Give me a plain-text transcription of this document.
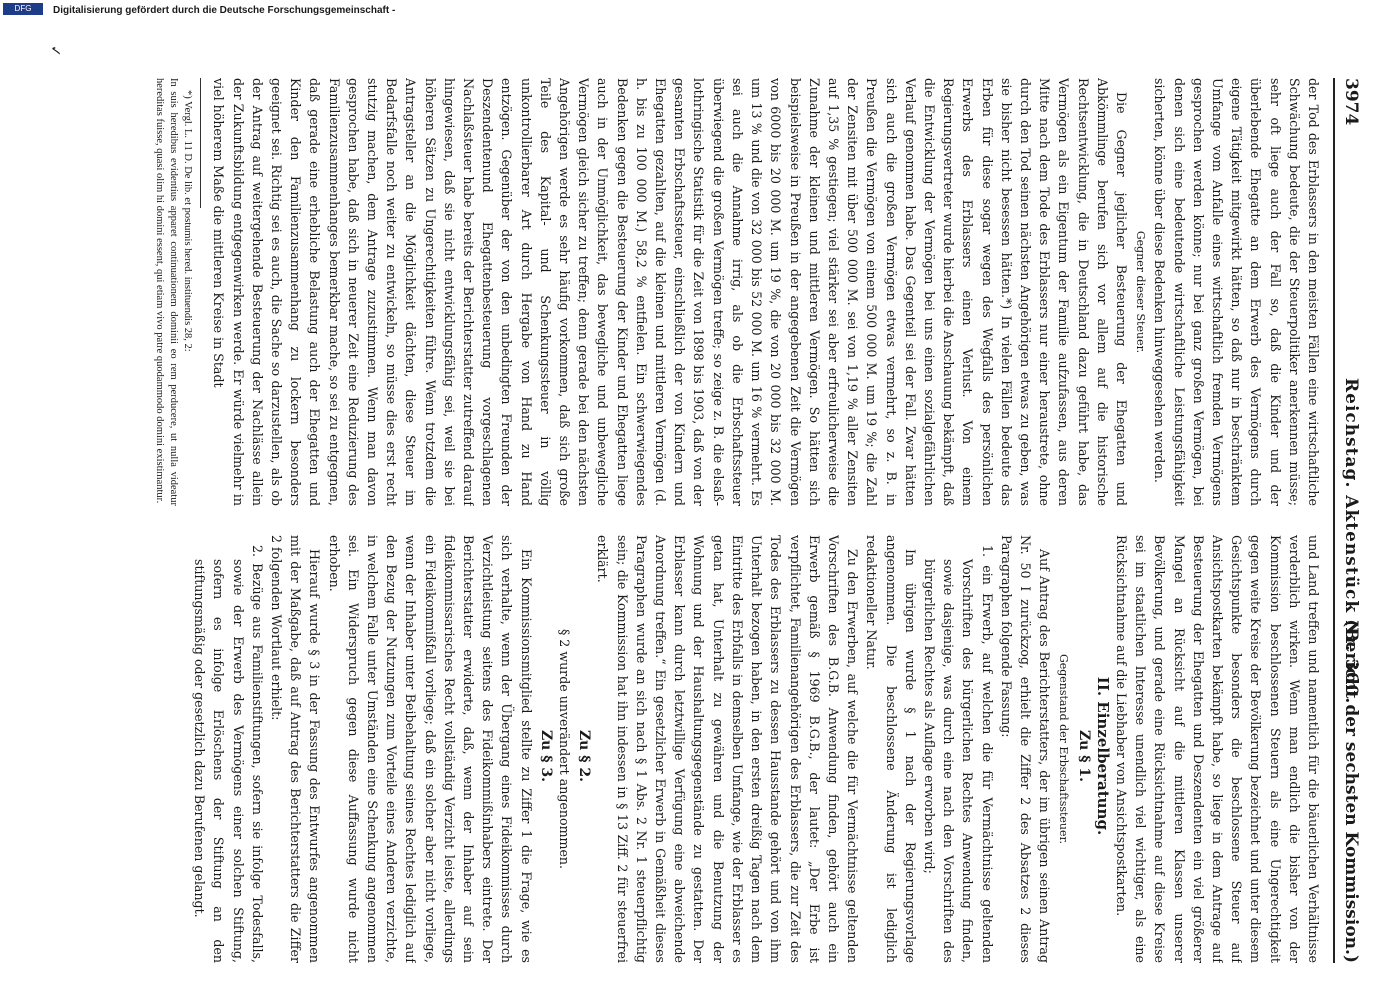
3974
Reichstag. Aktenstück Nr. 360.
(Bericht der sechsten Kommission.)

der Tod des Erblassers in den meisten Fällen eine wirtschaftliche Schwächung bedeute, die der Steuerpolitiker anerkennen müsse; sehr oft liege auch der Fall so, daß die Kinder und der überlebende Ehegatte an dem Erwerb des Vermögens durch eigene Tätigkeit mitgewirkt hätten, so daß nur in beschränktem Umfange vom Anfalle eines wirtschaftlich fremden Vermögens gesprochen werden könne; nur bei ganz großen Vermögen, bei denen sich eine bedeutende wirtschaftliche Leistungsfähigkeit sicherten, könne über diese Bedenken hinweggesehen werden.

Gegner dieser Steuer.

Die Gegner jeglicher Besteuerung der Ehegatten und Abkömmlinge berufen sich vor allem auf die historische Rechtsentwicklung, die in Deutschland dazu geführt habe, das Vermögen als ein Eigentum der Familie aufzufassen, aus deren Mitte nach dem Tode des Erblassers nur einer heraustrete, ohne durch den Tod seinen nächsten Angehörigen etwas zu geben, was sie bisher nicht besessen hätten.*) In vielen Fällen bedeute das Erben für diese sogar wegen des Wegfalls des persönlichen Erwerbs des Erblassers einen Verlust. Von einem Regierungsvertreter wurde hierbei die Anschauung bekämpft, daß die Entwicklung der Vermögen bei uns einen sozialgefährlichen Verlauf genommen habe. Das Gegenteil sei der Fall. Zwar hätten sich auch die großen Vermögen etwas vermehrt, so z. B. in Preußen die Vermögen von einem 500 000 M. um 19 %; die Zahl der Zensiten mit über 500 000 M. sei von 1,19 % aller Zensiten auf 1,35 % gestiegen; viel stärker sei aber erfreulicherweise die Zunahme der kleinen und mittleren Vermögen. So hätten sich beispielsweise in Preußen in der angegebenen Zeit die Vermögen von 6000 bis 20 000 M. um 19 %, die von 20 000 bis 32 000 M. um 13 % und die von 32 000 bis 52 000 M. um 16 % vermehrt. Es sei auch die Annahme irrig, als ob die Erbschaftssteuer überwiegend die großen Vermögen treffe; so zeige z. B. die elsaß-lothringische Statistik für die Zeit von 1898 bis 1903, daß von der gesamten Erbschaftssteuer, einschließlich der von Kindern und Ehegatten gezahlten, auf die kleinen und mittleren Vermögen (d. h. bis zu 100 000 M.) 58,2 % entfielen. Ein schwerwiegendes Bedenken gegen die Besteuerung der Kinder und Ehegatten liege auch in der Unmöglichkeit, das bewegliche und unbewegliche Vermögen gleich sicher zu treffen; denn gerade bei den nächsten Angehörigen werde es sehr häufig vorkommen, daß sich große Teile des Kapital- und Schenkungssteuer in völlig unkontrollierbarer Art durch Hergabe von Hand zu Hand entzögen. Gegenüber der von den unbedingten Freunden der Deszendentenund Ehegattenbesteuerung vorgeschlagenen Nachlaßsteuer habe bereits der Berichterstatter zutreffend darauf hingewiesen, daß sie nicht entwicklungsfähig sei, weil sie bei höheren Sätzen zu Ungerechtigkeiten führe. Wenn trotzdem die Antragsteller an die Möglichkeit dächten, diese Steuer im Bedarfsfalle noch weiter zu entwickeln, so müsse dies erst recht stutzig machen, dem Antrage zuzustimmen. Wenn man davon gesprochen habe, daß sich in neuerer Zeit eine Reduzierung des Familienzusammenhanges bemerkbar mache, so sei zu entgegnen, daß gerade eine erhebliche Belastung auch der Ehegatten und Kinder den Familienzusammenhang zu lockern besonders geeignet sei. Richtig sei es auch, die Sache so darzustellen, als ob der Antrag auf weitergehende Besteuerung der Nachlässe allein der Zukunftsbildung entgegenwirken werde. Er würde vielmehr in viel höherem Maße die mittleren Kreise in Stadt

*) Vergl. L. 11 D. De lib. et postumis hered. instituendis 28, 2:

In suis heredibus evidentius apparet continuationem dominii eo rem perducere, ut nulla videatur hereditas fuisse, quasi olim hi domini essent, qui etiam vivo patre quodammodo domini existimantur.

und Land treffen und namentlich für die bäuerlichen Verhältnisse verderblich wirken. Wenn man endlich die bisher von der Kommission beschlossenen Steuern als eine Ungerechtigkeit gegen weite Kreise der Bevölkerung bezeichnet und unter diesem Gesichtspunkte besonders die beschlossene Steuer auf Ansichtspostkarten bekämpft habe, so liege in dem Antrage auf Besteuerung der Ehegatten und Deszendenten ein viel größerer Mangel an Rücksicht auf die mittleren Klassen unserer Bevölkerung, und gerade eine Rücksichtnahme auf diese Kreise sei im staatlichen Interesse unendlich viel wichtiger, als eine Rücksichtnahme auf die Liebhaber von Ansichtspostkarten.

II. Einzelberatung.

Zu § 1.

Gegenstand der Erbschaftssteuer.

Auf Antrag des Berichterstatters, der im übrigen seinen Antrag Nr. 50 I zurückzog, erhielt die Ziffer 2 des Absatzes 2 dieses Paragraphen folgende Fassung:

1. ein Erwerb, auf welchen die für Vermächtnisse geltenden Vorschriften des bürgerlichen Rechtes Anwendung finden, sowie dasjenige, was durch eine nach den Vorschriften des bürgerlichen Rechtes als Auflage erworben wird;

Im übrigen wurde § 1 nach der Regierungsvorlage angenommen. Die beschlossene Änderung ist lediglich redaktioneller Natur.

Zu den Erwerben, auf welche die für Vermächtnisse geltenden Vorschriften des B.G.B. Anwendung finden, gehört auch ein Erwerb gemäß § 1969 B.G.B., der lautet: „Der Erbe ist verpflichtet, Familienangehörigen des Erblassers, die zur Zeit des Todes des Erblassers zu dessen Hausstande gehört und von ihm Unterhalt bezogen haben, in den ersten dreißig Tagen nach dem Eintritte des Erbfalls in demselben Umfange, wie der Erblasser es getan hat, Unterhalt zu gewähren und die Benutzung der Wohnung und der Haushaltungsgegenstände zu gestatten. Der Erblasser kann durch letztwillige Verfügung eine abweichende Anordnung treffen.“ Ein gesetzlicher Erwerb in Gemäßheit dieses Paragraphen wurde an sich nach § 1 Abs. 2 Nr. 1 steuerpflichtig sein; die Kommission hat ihn indessen in § 13 Ziff. 2 für steuerfrei erklärt.

Zu § 2.

§ 2 wurde unverändert angenommen.

Zu § 3.

Ein Kommissionsmitglied stellte zu Ziffer 1 die Frage, wie es sich verhalte, wenn der Übergang eines Fideikommisses durch Verzichtleistung seitens des Fideikommißinhabers eintrete. Der Berichterstatter erwiderte, daß, wenn der Inhaber auf sein fideikommissarisches Recht vollständig Verzicht leiste, allerdings ein Fideikommißfall vorliege; daß ein solcher aber nicht vorliege, wenn der Inhaber unter Beibehaltung seines Rechtes lediglich auf den Bezug der Nutzungen zum Vorteile eines Anderen verzichte, in welchem Falle unter Umständen eine Schenkung angenommen sei. Ein Widerspruch gegen diese Auffassung wurde nicht erhoben.

Hierauf wurde § 3 in der Fassung des Entwurfes angenommen mit der Maßgabe, daß auf Antrag des Berichterstatters die Ziffer 2 folgenden Wortlaut erhielt:

2. Bezüge aus Familienstiftungen, sofern sie infolge Todesfalls, sowie der Erwerb des Vermögens einer solchen Stiftung, sofern es infolge Erlöschens der Stiftung an den stiftungsmäßig oder gesetzlich dazu Berufenen gelangt.

✓
DFG	Digitalisierung gefördert durch die Deutsche Forschungsgemeinschaft -
